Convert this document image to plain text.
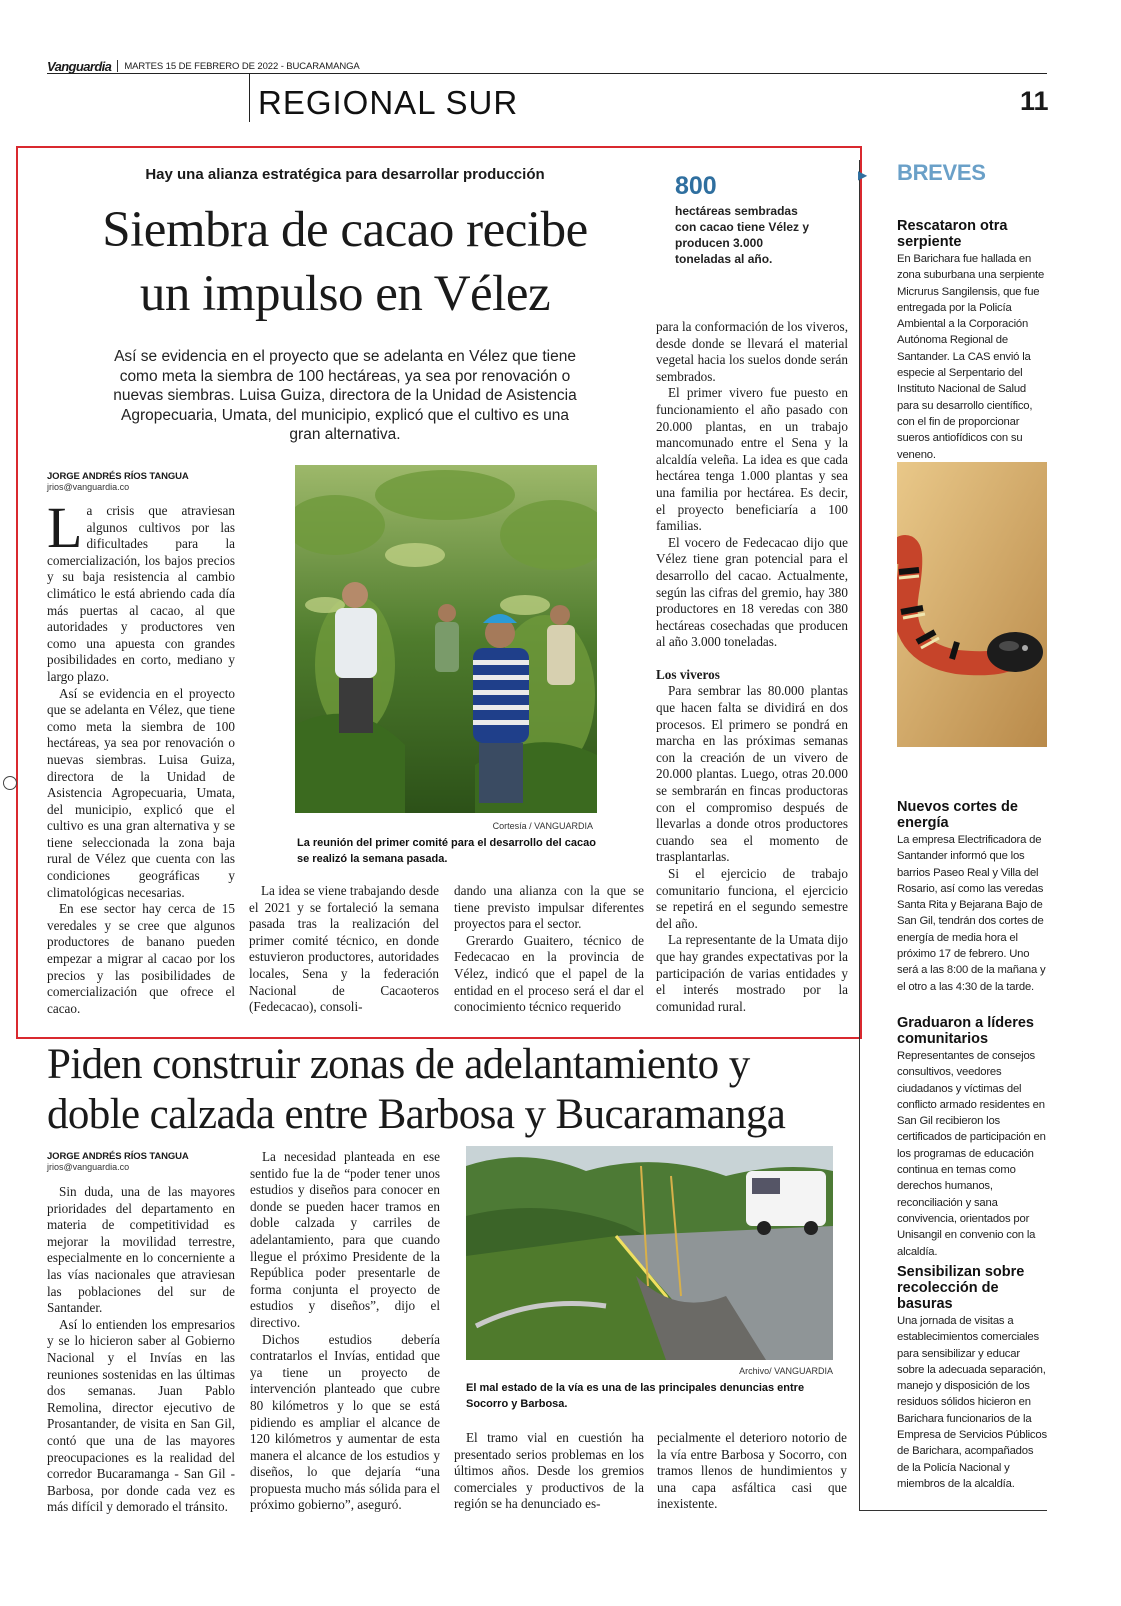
Vanguardia MARTES 15 DE FEBRERO DE 2022 - BUCARAMANGA
REGIONAL SUR	11
Hay una alianza estratégica para desarrollar producción
Siembra de cacao recibe
un impulso en Vélez
Así se evidencia en el proyecto que se adelanta en Vélez que tiene como meta la siembra de 100 hectáreas, ya sea por renovación o nuevas siembras. Luisa Guiza, directora de la Unidad de Asistencia Agropecuaria, Umata, del municipio, explicó que el cultivo es una gran alternativa.
800
hectáreas sembradas con cacao tiene Vélez y producen 3.000 toneladas al año.
JORGE ANDRÉS RÍOS TANGUA
jrios@vanguardia.co

La crisis que atraviesan algunos cultivos por las dificultades para la comercialización, los bajos precios y su baja resistencia al cambio climático le está abriendo cada día más puertas al cacao, al que autoridades y productores ven como una apuesta con grandes posibilidades en corto, mediano y largo plazo.

Así se evidencia en el proyecto que se adelanta en Vélez, que tiene como meta la siembra de 100 hectáreas, ya sea por renovación o nuevas siembras. Luisa Guiza, directora de la Unidad de Asistencia Agropecuaria, Umata, del municipio, explicó que el cultivo es una gran alternativa y se tiene seleccionada la zona baja rural de Vélez que cuenta con las condiciones geográficas y climatológicas necesarias.

En ese sector hay cerca de 15 veredales y se cree que algunos productores de banano pueden empezar a migrar al cacao por los precios y las posibilidades de comercialización que ofrece el cacao.

Cortesía / VANGUARDIA
La reunión del primer comité para el desarrollo del cacao se realizó la semana pasada.

La idea se viene trabajando desde el 2021 y se fortaleció la semana pasada tras la realización del primer comité técnico, en donde estuvieron productores, autoridades locales, Sena y la federación Nacional de Cacaoteros (Fedecacao), consoli-

dando una alianza con la que se tiene previsto impulsar diferentes proyectos para el sector.

Grerardo Guaitero, técnico de Fedecacao en la provincia de Vélez, indicó que el papel de la entidad en el proceso será el dar el conocimiento técnico requerido

para la conformación de los viveros, desde donde se llevará el material vegetal hacia los suelos donde serán sembrados.

El primer vivero fue puesto en funcionamiento el año pasado con 20.000 plantas, en un trabajo mancomunado entre el Sena y la alcaldía veleña. La idea es que cada hectárea tenga 1.000 plantas y sea una familia por hectárea. Es decir, el proyecto beneficiaría a 100 familias.

El vocero de Fedecacao dijo que Vélez tiene gran potencial para el desarrollo del cacao. Actualmente, según las cifras del gremio, hay 380 productores en 18 veredas con 380 hectáreas cosechadas que producen al año 3.000 toneladas.

Los viveros

Para sembrar las 80.000 plantas que hacen falta se dividirá en dos procesos. El primero se pondrá en marcha en las próximas semanas con la creación de un vivero de 20.000 plantas. Luego, otras 20.000 se sembrarán en fincas productoras con el compromiso después de llevarlas a donde otros productores cuando sea el momento de trasplantarlas.

Si el ejercicio de trabajo comunitario funciona, el ejercicio se repetirá en el segundo semestre del año.

La representante de la Umata dijo que hay grandes expectativas por la participación de varias entidades y el interés mostrado por la comunidad rural.

Piden construir zonas de adelantamiento y
doble calzada entre Barbosa y Bucaramanga
JORGE ANDRÉS RÍOS TANGUA
jrios@vanguardia.co

Sin duda, una de las mayores prioridades del departamento en materia de competitividad es mejorar la movilidad terrestre, especialmente en lo concerniente a las vías nacionales que atraviesan las poblaciones del sur de Santander.

Así lo entienden los empresarios y se lo hicieron saber al Gobierno Nacional y el Invías en las reuniones sostenidas en las últimas dos semanas. Juan Pablo Remolina, director ejecutivo de Prosantander, de visita en San Gil, contó que una de las mayores preocupaciones es la realidad del corredor Bucaramanga - San Gil - Barbosa, por donde cada vez es más difícil y demorado el tránsito.

La necesidad planteada en ese sentido fue la de “poder tener unos estudios y diseños para conocer en donde se pueden hacer tramos en doble calzada y carriles de adelantamiento, para que cuando llegue el próximo Presidente de la República poder presentarle de forma conjunta el proyecto de estudios y diseños”, dijo el directivo.

Dichos estudios debería contratarlos el Invías, entidad que ya tiene un proyecto de intervención planteado que cubre 80 kilómetros y lo que se está pidiendo es ampliar el alcance de 120 kilómetros y aumentar de esta manera el alcance de los estudios y diseños, lo que dejaría “una propuesta mucho más sólida para el próximo gobierno”, aseguró.

Archivo/ VANGUARDIA
El mal estado de la vía es una de las principales denuncias entre Socorro y Barbosa.

El tramo vial en cuestión ha presentado serios problemas en los últimos años. Desde los gremios comerciales y productivos de la región se ha denunciado es-

pecialmente el deterioro notorio de la vía entre Barbosa y Socorro, con tramos llenos de hundimientos y una capa asfáltica casi que inexistente.

▶ BREVES
Rescataron otra serpiente
En Barichara fue hallada en zona suburbana una serpiente Micrurus Sangilensis, que fue entregada por la Policía Ambiental a la Corporación Autónoma Regional de Santander. La CAS envió la especie al Serpentario del Instituto Nacional de Salud para su desarrollo científico, con el fin de proporcionar sueros antiofídicos con su veneno.
Nuevos cortes de energía
La empresa Electrificadora de Santander informó que los barrios Paseo Real y Villa del Rosario, así como las veredas Santa Rita y Bejarana Bajo de San Gil, tendrán dos cortes de energía de media hora el próximo 17 de febrero. Uno será a las 8:00 de la mañana y el otro a las 4:30 de la tarde.
Graduaron a líderes comunitarios
Representantes de consejos consultivos, veedores ciudadanos y víctimas del conflicto armado residentes en San Gil recibieron los certificados de participación en los programas de educación continua en temas como derechos humanos, reconciliación y sana convivencia, orientados por Unisangil en convenio con la alcaldía.
Sensibilizan sobre recolección de basuras
Una jornada de visitas a establecimientos comerciales para sensibilizar y educar sobre la adecuada separación, manejo y disposición de los residuos sólidos hicieron en Barichara funcionarios de la Empresa de Servicios Públicos de Barichara, acompañados de la Policía Nacional y miembros de la alcaldía.
